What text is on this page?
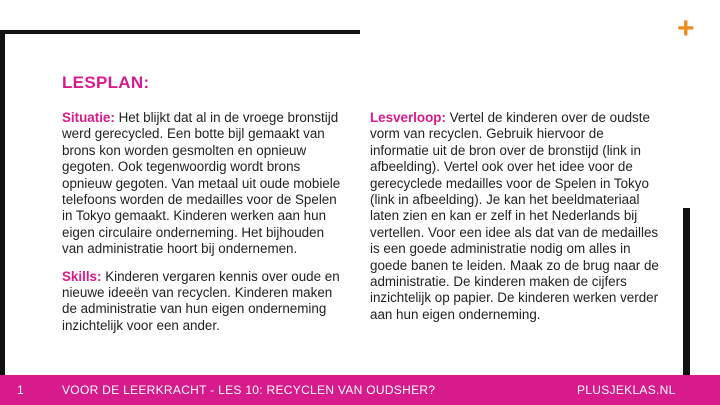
+
LESPLAN:

Situatie: Het blijkt dat al in de vroege bronstijd werd gerecycled. Een botte bijl gemaakt van brons kon worden gesmolten en opnieuw gegoten. Ook tegenwoordig wordt brons opnieuw gegoten. Van metaal uit oude mobiele telefoons worden de medailles voor de Spelen in Tokyo gemaakt. Kinderen werken aan hun eigen circulaire onderneming. Het bijhouden van administratie hoort bij ondernemen.

Skills: Kinderen vergaren kennis over oude en nieuwe ideeën van recyclen. Kinderen maken de administratie van hun eigen onderneming inzichtelijk voor een ander.

Lesverloop: Vertel de kinderen over de oudste vorm van recyclen. Gebruik hiervoor de informatie uit de bron over de bronstijd (link in afbeelding). Vertel ook over het idee voor de gerecyclede medailles voor de Spelen in Tokyo (link in afbeelding). Je kan het beeldmateriaal laten zien en kan er zelf in het Nederlands bij vertellen. Voor een idee als dat van de medailles is een goede administratie nodig om alles in goede banen te leiden. Maak zo de brug naar de administratie. De kinderen maken de cijfers inzichtelijk op papier. De kinderen werken verder aan hun eigen onderneming.

1	VOOR DE LEERKRACHT - LES 10: RECYCLEN VAN OUDSHER?	PLUSJEKLAS.NL
